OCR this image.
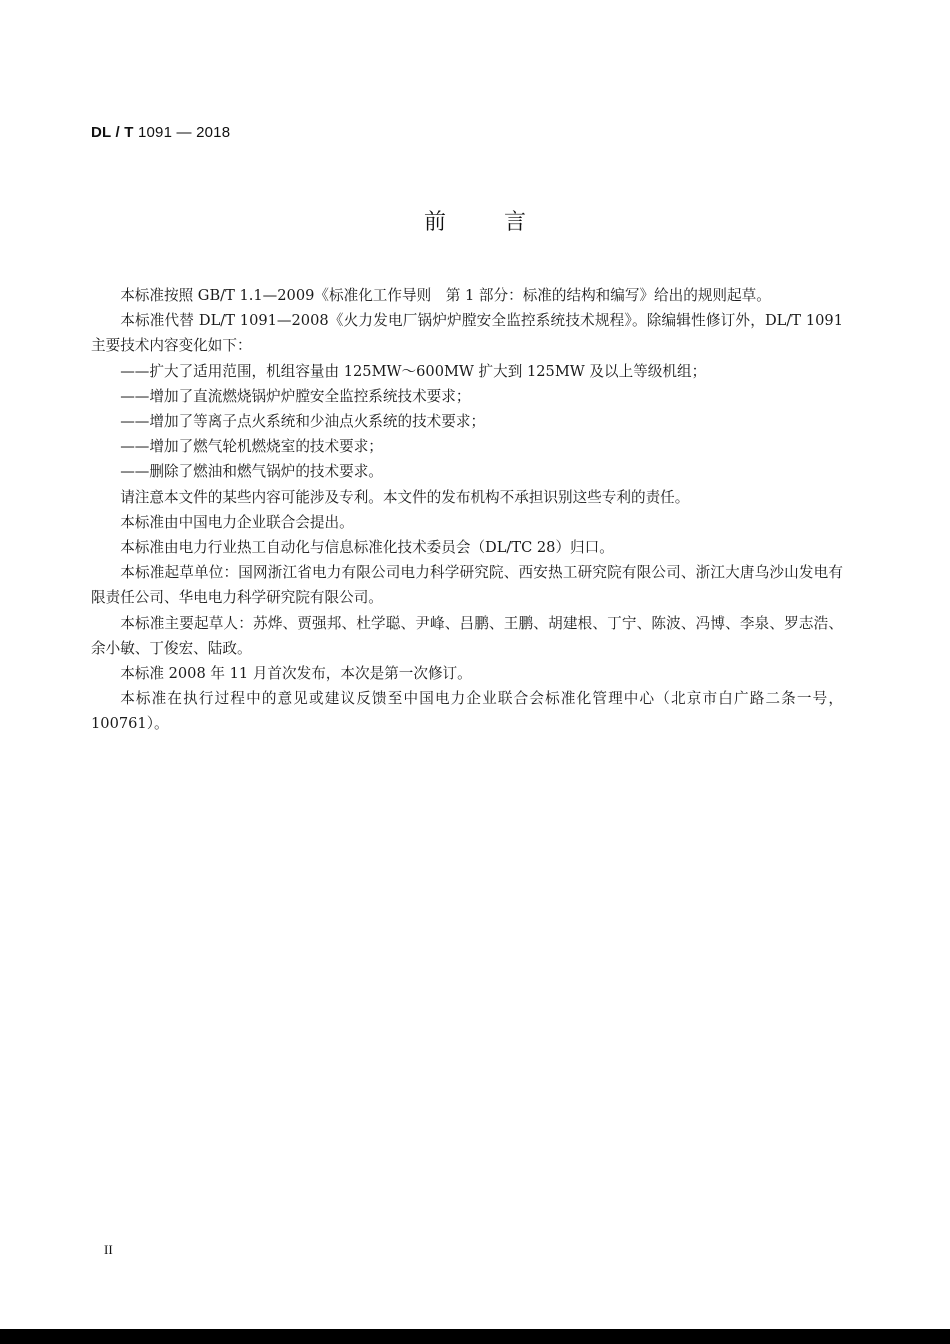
DL / T 1091 — 2018
前言

本标准按照 GB/T 1.1—2009《标准化工作导则　第 1 部分：标准的结构和编写》给出的规则起草。

本标准代替 DL/T 1091—2008《火力发电厂锅炉炉膛安全监控系统技术规程》。除编辑性修订外，DL/T 1091 主要技术内容变化如下：

——扩大了适用范围，机组容量由 125MW～600MW 扩大到 125MW 及以上等级机组；

——增加了直流燃烧锅炉炉膛安全监控系统技术要求；

——增加了等离子点火系统和少油点火系统的技术要求；

——增加了燃气轮机燃烧室的技术要求；

——删除了燃油和燃气锅炉的技术要求。

请注意本文件的某些内容可能涉及专利。本文件的发布机构不承担识别这些专利的责任。

本标准由中国电力企业联合会提出。

本标准由电力行业热工自动化与信息标准化技术委员会（DL/TC 28）归口。

本标准起草单位：国网浙江省电力有限公司电力科学研究院、西安热工研究院有限公司、浙江大唐乌沙山发电有限责任公司、华电电力科学研究院有限公司。

本标准主要起草人：苏烨、贾强邦、杜学聪、尹峰、吕鹏、王鹏、胡建根、丁宁、陈波、冯博、李泉、罗志浩、余小敏、丁俊宏、陆政。

本标准 2008 年 11 月首次发布，本次是第一次修订。

本标准在执行过程中的意见或建议反馈至中国电力企业联合会标准化管理中心（北京市白广路二条一号，100761）。

II
